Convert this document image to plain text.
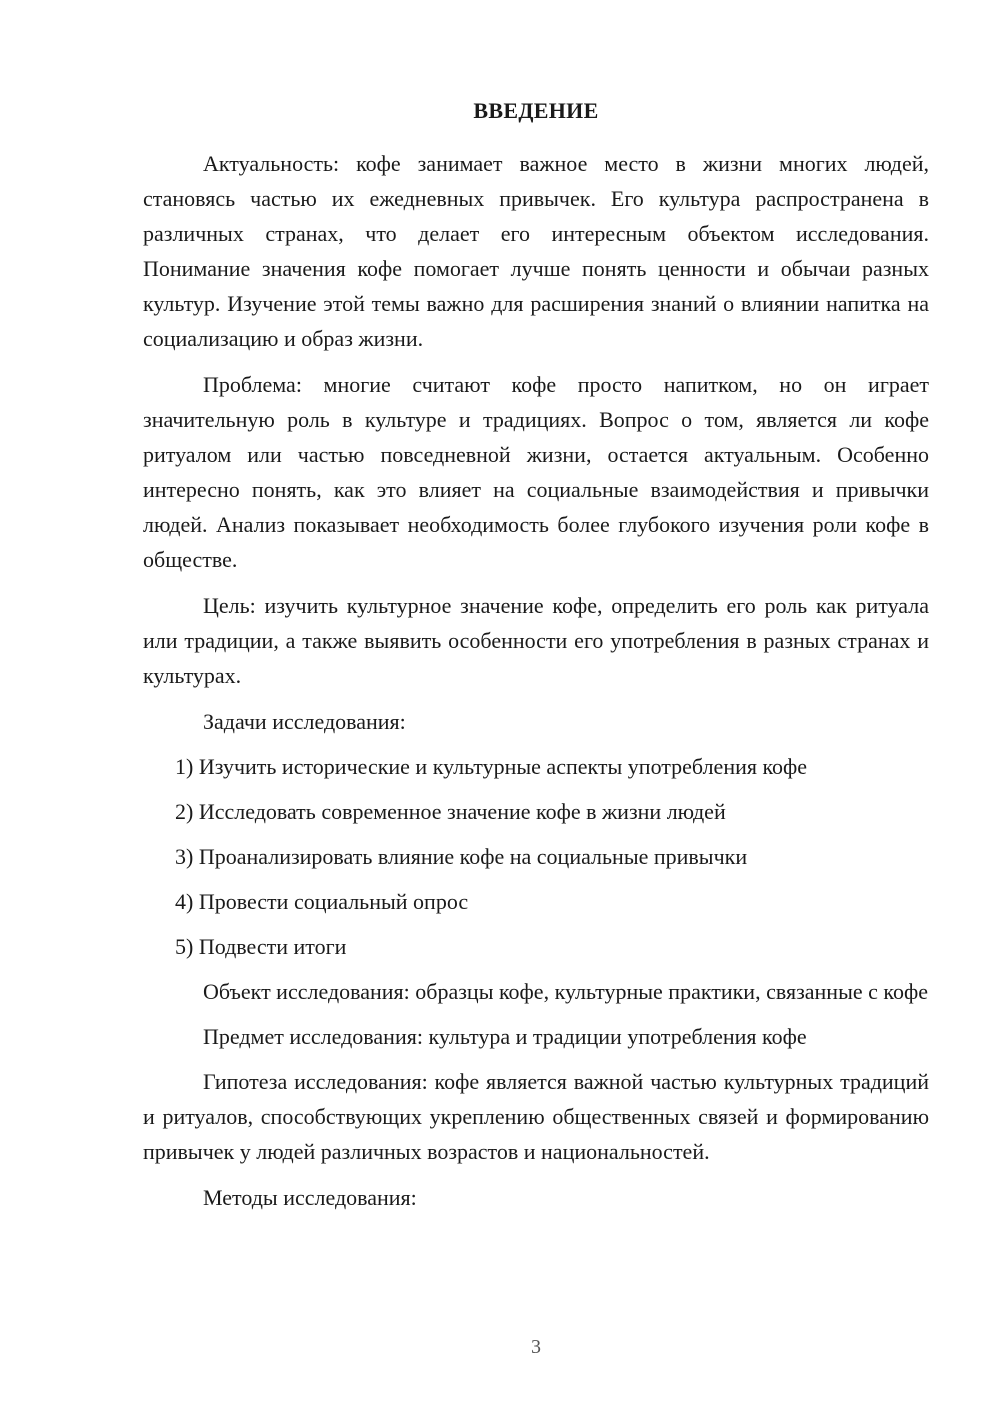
ВВЕДЕНИЕ

Актуальность: кофе занимает важное место в жизни многих людей, становясь частью их ежедневных привычек. Его культура распространена в различных странах, что делает его интересным объектом исследования. Понимание значения кофе помогает лучше понять ценности и обычаи разных культур. Изучение этой темы важно для расширения знаний о влиянии напитка на социализацию и образ жизни.

Проблема: многие считают кофе просто напитком, но он играет значительную роль в культуре и традициях. Вопрос о том, является ли кофе ритуалом или частью повседневной жизни, остается актуальным. Особенно интересно понять, как это влияет на социальные взаимодействия и привычки людей. Анализ показывает необходимость более глубокого изучения роли кофе в обществе.

Цель: изучить культурное значение кофе, определить его роль как ритуала или традиции, а также выявить особенности его употребления в разных странах и культурах.

Задачи исследования:

1) Изучить исторические и культурные аспекты употребления кофе

2) Исследовать современное значение кофе в жизни людей

3) Проанализировать влияние кофе на социальные привычки

4) Провести социальный опрос

5) Подвести итоги

Объект исследования: образцы кофе, культурные практики, связанные с кофе

Предмет исследования: культура и традиции употребления кофе

Гипотеза исследования: кофе является важной частью культурных традиций и ритуалов, способствующих укреплению общественных связей и формированию привычек у людей различных возрастов и национальностей.

Методы исследования:

3
